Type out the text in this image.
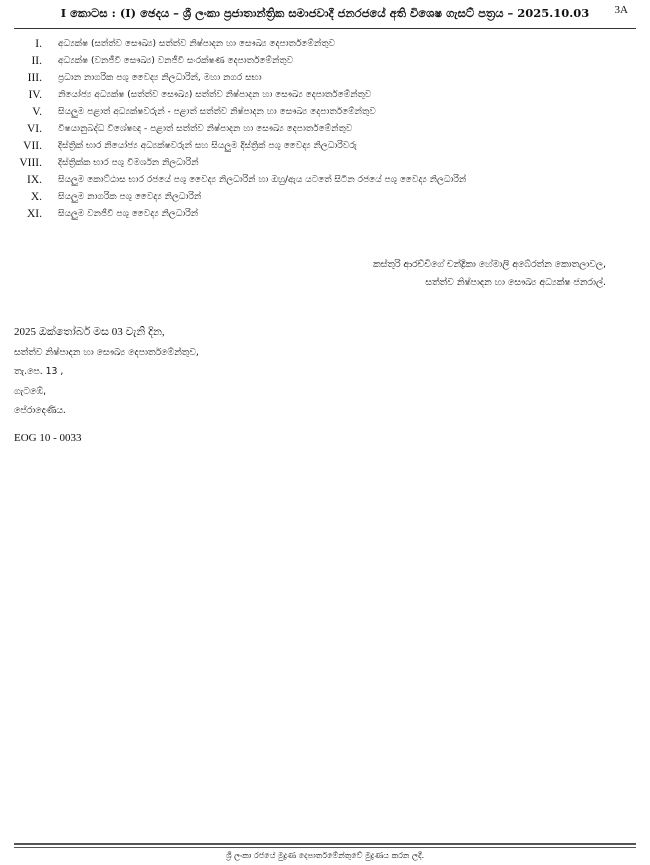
I කොටස : (I) ඡෙදය – ශ්‍රී ලංකා ප්‍රජාතාන්ත්‍රික සමාජවාදී ජනරජයේ අති විශෙෂ ගැසට් පත්‍රය – 2025.10.03	3A
I. අධ්‍යක්ෂ (සත්ත්ව සෞඛ්‍ය) සත්ත්ව නිෂ්පාදන හා සෞඛ්‍ය දෙපාර්තමේන්තුව
II. අධ්‍යක්ෂ (වනජීවී සෞඛ්‍ය) වනජීවී සංරක්ෂණ දෙපාර්තමේන්තුව
III. ප්‍රධාන නාගරික පශු වෛද්‍ය නිලධාරින්, මහා නගර සභා
IV. නියෝජ්‍ය අධ්‍යක්ෂ (සත්ත්ව සෞඛ්‍ය) සත්ත්ව නිෂ්පාදන හා සෞඛ්‍ය දෙපාර්තමේන්තුව
V. සියලුම පළාත් අධ්‍යක්ෂවරුන් - පළාත් සත්ත්ව නිෂ්පාදන හා සෞඛ්‍ය දෙපාර්තමේන්තුව
VI. විෂයානුබද්ධ විශේෂඥ - පළාත් සත්ත්ව නිෂ්පාදන හා සෞඛ්‍ය දෙපාර්තමේන්තුව
VII. දිස්ත්‍රික් භාර නියෝජ්‍ය අධ්‍යක්ෂවරුන් සහ සියලුම දිස්ත්‍රික් පශු වෛද්‍ය නිලධාරිවරු
VIII. දිස්ත්‍රික්ක භාර පශු විමර්ශන නිලධාරින්
IX. සියලුම කොට්ඨාස භාර රජයේ පශු වෛද්‍ය නිලධාරින් හා ඔහු/ඇය යටතේ සිටින රජයේ පශු වෛද්‍ය නිලධාරින්
X. සියලුම නාගරික පශු වෛද්‍ය නිලධාරින්
XI. සියලුම වනජීවී පශු වෛද්‍ය නිලධාරින්
කස්තුරි ආරච්චිගේ චන්ද්‍රිකා හේමාලි අබේරත්න කොතලාවල,
සත්ත්ව නිෂ්පාදන හා සෞඛ්‍ය අධ්‍යක්ෂ ජනරාල්.
2025 ඔක්තෝබර් මස 03 වැනි දින,
සත්ත්ව නිෂ්පාදන හා සෞඛ්‍ය දෙපාර්තමේන්තුව,
තැ.පෙ. 13 ,
ගැටඹේ,
පේරාදෙණිය.
EOG 10 - 0033
ශ්‍රී ලංකා රජයේ මුද්‍රණ දෙපාර්තමේන්තුවේ මුද්‍රණය කරන ලදී.
